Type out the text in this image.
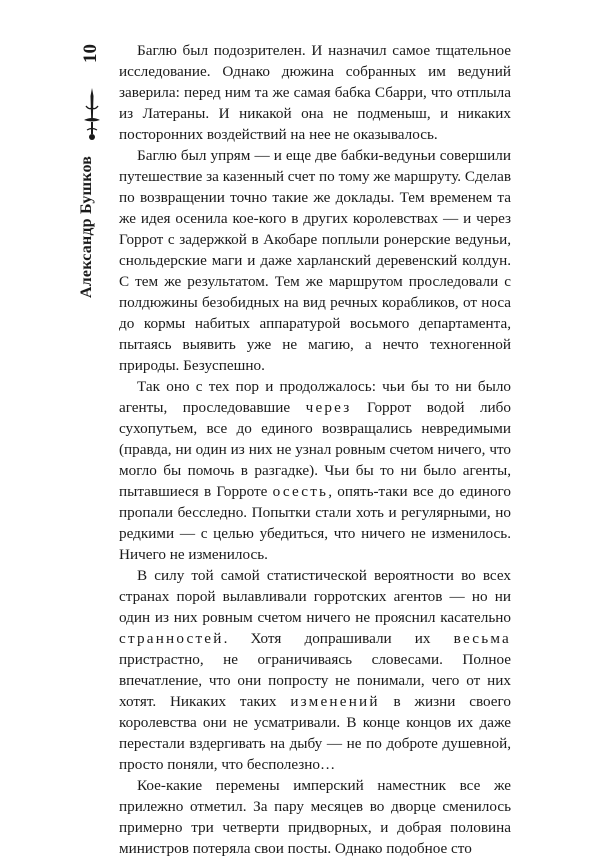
10
Александр Бушков

Баглю был подозрителен. И назначил самое тщательное исследование. Однако дюжина собранных им ведуний заверила: перед ним та же самая бабка Сбарри, что отплыла из Латераны. И никакой она не подменыш, и никаких посторонних воздействий на нее не оказывалось.

Баглю был упрям — и еще две бабки-ведуньи совершили путешествие за казенный счет по тому же маршруту. Сделав по возвращении точно такие же доклады. Тем временем та же идея осенила кое-кого в других королевствах — и через Горрот с задержкой в Акобаре поплыли ронерские ведуньи, снольдерские маги и даже харланский деревенский колдун. С тем же результатом. Тем же маршрутом проследовали с полдюжины безобидных на вид речных корабликов, от носа до кормы набитых аппаратурой восьмого департамента, пытаясь выявить уже не магию, а нечто техногенной природы. Безуспешно.

Так оно с тех пор и продолжалось: чьи бы то ни было агенты, проследовавшие через Горрот водой либо сухопутьем, все до единого возвращались невредимыми (правда, ни один из них не узнал ровным счетом ничего, что могло бы помочь в разгадке). Чьи бы то ни было агенты, пытавшиеся в Горроте осесть, опять-таки все до единого пропали бесследно. Попытки стали хоть и регулярными, но редкими — с целью убедиться, что ничего не изменилось. Ничего не изменилось.

В силу той самой статистической вероятности во всех странах порой вылавливали горротских агентов — но ни один из них ровным счетом ничего не прояснил касательно странностей. Хотя допрашивали их весьма пристрастно, не ограничиваясь словесами. Полное впечатление, что они попросту не понимали, чего от них хотят. Никаких таких изменений в жизни своего королевства они не усматривали. В конце концов их даже перестали вздергивать на дыбу — не по доброте душевной, просто поняли, что бесполезно…

Кое-какие перемены имперский наместник все же прилежно отметил. За пару месяцев во дворце сменилось примерно три четверти придворных, и добрая половина министров потеряла свои посты. Однако подобное сто
